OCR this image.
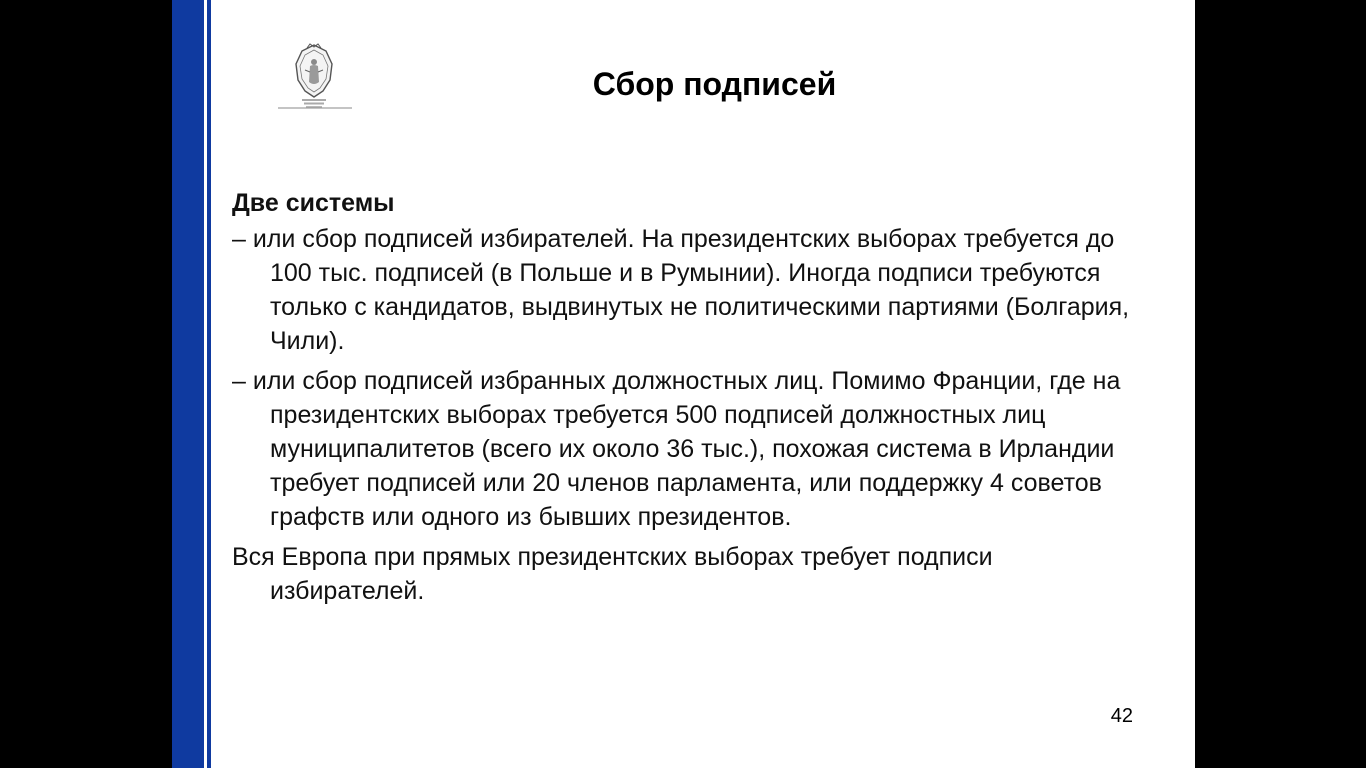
Сбор подписей
Две системы
– или сбор подписей избирателей. На президентских выборах требуется до 100 тыс. подписей (в Польше и в Румынии). Иногда подписи требуются только с кандидатов, выдвинутых не политическими партиями (Болгария, Чили).
– или сбор подписей избранных должностных лиц. Помимо Франции, где на президентских выборах требуется 500 подписей должностных лиц муниципалитетов (всего их около 36 тыс.), похожая система в Ирландии требует подписей или 20 членов парламента, или поддержку 4 советов графств или одного из бывших президентов.
Вся Европа при прямых президентских выборах требует подписи избирателей.
42
